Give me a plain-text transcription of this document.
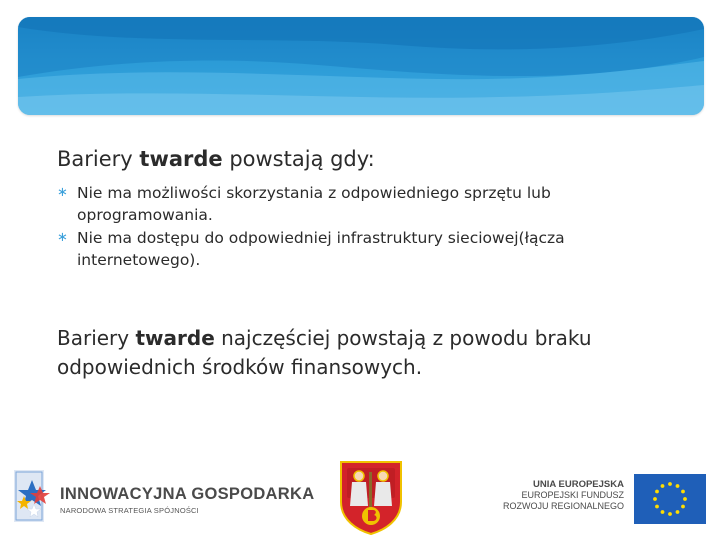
Bariery twarde powstają gdy:
∗ Nie ma możliwości skorzystania z odpowiedniego sprzętu lub oprogramowania.
∗ Nie ma dostępu do odpowiedniej infrastruktury sieciowej(łącza internetowego).
Bariery twarde najczęściej powstają z powodu braku odpowiednich środków finansowych.
INNOWACYJNA GOSPODARKA
NARODOWA STRATEGIA SPÓJNOŚCI
UNIA EUROPEJSKA
EUROPEJSKI FUNDUSZ
ROZWOJU REGIONALNEGO
